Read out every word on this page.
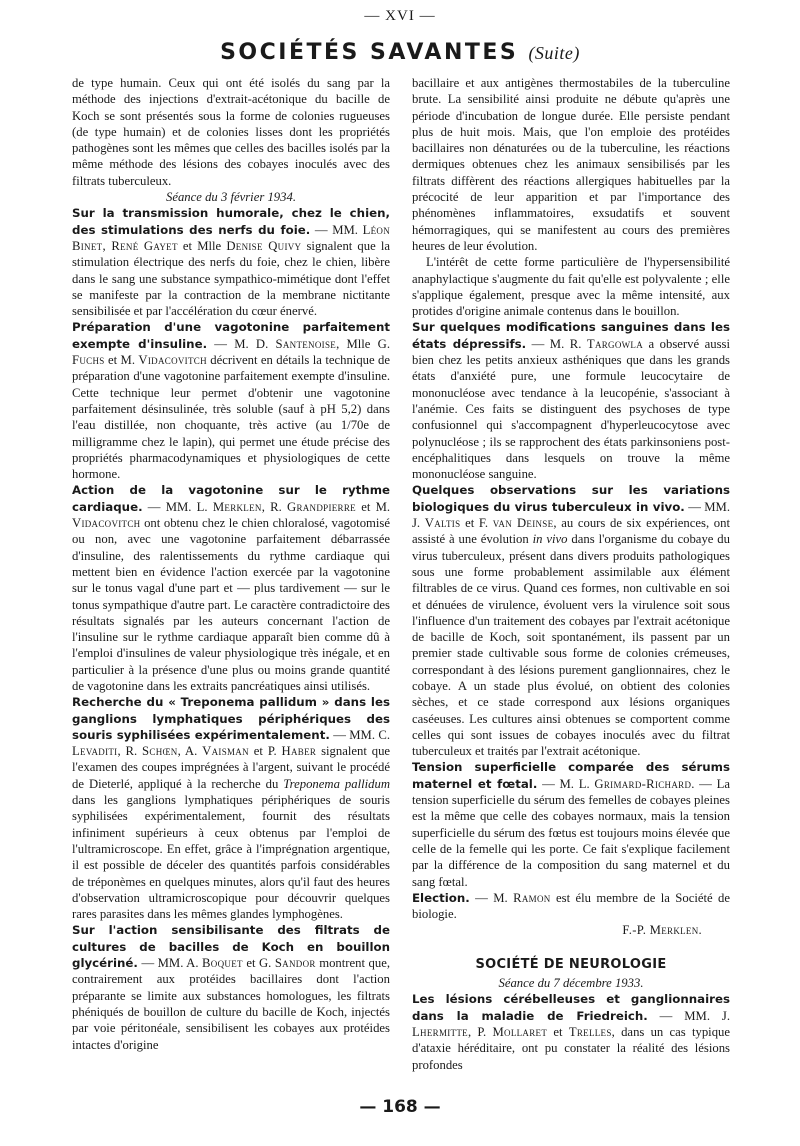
— XVI —
SOCIÉTÉS SAVANTES (Suite)

de type humain. Ceux qui ont été isolés du sang par la méthode des injections d'extrait-acétonique du bacille de Koch se sont présentés sous la forme de colonies rugueuses (de type humain) et de colonies lisses dont les propriétés pathogènes sont les mêmes que celles des bacilles isolés par la même méthode des lésions des cobayes inoculés avec des filtrats tuberculeux.

Séance du 3 février 1934.

Sur la transmission humorale, chez le chien, des stimulations des nerfs du foie. — MM. Léon Binet, René Gayet et Mlle Denise Quivy signalent que la stimulation électrique des nerfs du foie, chez le chien, libère dans le sang une substance sympathico-mimétique dont l'effet se manifeste par la contraction de la membrane nictitante sensibilisée et par l'accélération du cœur énervé.

Préparation d'une vagotonine parfaitement exempte d'insuline. — M. D. Santenoise, Mlle G. Fuchs et M. Vidacovitch décrivent en détails la technique de préparation d'une vagotonine parfaitement exempte d'insuline. Cette technique leur permet d'obtenir une vagotonine parfaitement désinsulinée, très soluble (sauf à pH 5,2) dans l'eau distillée, non choquante, très active (au 1/70e de milligramme chez le lapin), qui permet une étude précise des propriétés pharmacodynamiques et physiologiques de cette hormone.

Action de la vagotonine sur le rythme cardiaque. — MM. L. Merklen, R. Grandpierre et M. Vidacovitch ont obtenu chez le chien chloralosé, vagotomisé ou non, avec une vagotonine parfaitement débarrassée d'insuline, des ralentissements du rythme cardiaque qui mettent bien en évidence l'action exercée par la vagotonine sur le tonus vagal d'une part et — plus tardivement — sur le tonus sympathique d'autre part. Le caractère contradictoire des résultats signalés par les auteurs concernant l'action de l'insuline sur le rythme cardiaque apparaît bien comme dû à l'emploi d'insulines de valeur physiologique très inégale, et en particulier à la présence d'une plus ou moins grande quantité de vagotonine dans les extraits pancréatiques ainsi utilisés.

Recherche du « Treponema pallidum » dans les ganglions lymphatiques périphériques des souris syphilisées expérimentalement. — MM. C. Levaditi, R. Schœn, A. Vaisman et P. Haber signalent que l'examen des coupes imprégnées à l'argent, suivant le procédé de Dieterlé, appliqué à la recherche du Treponema pallidum dans les ganglions lymphatiques périphériques de souris syphilisées expérimentalement, fournit des résultats infiniment supérieurs à ceux obtenus par l'emploi de l'ultramicroscope. En effet, grâce à l'imprégnation argentique, il est possible de déceler des quantités parfois considérables de tréponèmes en quelques minutes, alors qu'il faut des heures d'observation ultramicroscopique pour découvrir quelques rares parasites dans les mêmes glandes lymphogènes.

Sur l'action sensibilisante des filtrats de cultures de bacilles de Koch en bouillon glycériné. — MM. A. Boquet et G. Sandor montrent que, contrairement aux protéides bacillaires dont l'action préparante se limite aux substances homologues, les filtrats phéniqués de bouillon de culture du bacille de Koch, injectés par voie péritonéale, sensibilisent les cobayes aux protéides intactes d'origine

bacillaire et aux antigènes thermostabiles de la tuberculine brute. La sensibilité ainsi produite ne débute qu'après une période d'incubation de longue durée. Elle persiste pendant plus de huit mois. Mais, que l'on emploie des protéides bacillaires non dénaturées ou de la tuberculine, les réactions dermiques obtenues chez les animaux sensibilisés par les filtrats diffèrent des réactions allergiques habituelles par la précocité de leur apparition et par l'importance des phénomènes inflammatoires, exsudatifs et souvent hémorragiques, qui se manifestent au cours des premières heures de leur évolution.

L'intérêt de cette forme particulière de l'hypersensibilité anaphylactique s'augmente du fait qu'elle est polyvalente ; elle s'applique également, presque avec la même intensité, aux protides d'origine animale contenus dans le bouillon.

Sur quelques modifications sanguines dans les états dépressifs. — M. R. Targowla a observé aussi bien chez les petits anxieux asthéniques que dans les grands états d'anxiété pure, une formule leucocytaire de mononucléose avec tendance à la leucopénie, s'associant à l'anémie. Ces faits se distinguent des psychoses de type confusionnel qui s'accompagnent d'hyperleucocytose avec polynucléose ; ils se rapprochent des états parkinsoniens post-encéphalitiques dans lesquels on trouve la même mononucléose sanguine.

Quelques observations sur les variations biologiques du virus tuberculeux in vivo. — MM. J. Valtis et F. van Deinse, au cours de six expériences, ont assisté à une évolution in vivo dans l'organisme du cobaye du virus tuberculeux, présent dans divers produits pathologiques sous une forme probablement assimilable aux élément filtrables de ce virus. Quand ces formes, non cultivable en soi et dénuées de virulence, évoluent vers la virulence soit sous l'influence d'un traitement des cobayes par l'extrait acétonique de bacille de Koch, soit spontanément, ils passent par un premier stade cultivable sous forme de colonies crémeuses, correspondant à des lésions purement ganglionnaires, chez le cobaye. A un stade plus évolué, on obtient des colonies sèches, et ce stade correspond aux lésions organiques caséeuses. Les cultures ainsi obtenues se comportent comme celles qui sont issues de cobayes inoculés avec du filtrat tuberculeux et traités par l'extrait acétonique.

Tension superficielle comparée des sérums maternel et fœtal. — M. L. Grimard-Richard. — La tension superficielle du sérum des femelles de cobayes pleines est la même que celle des cobayes normaux, mais la tension superficielle du sérum des fœtus est toujours moins élevée que celle de la femelle qui les porte. Ce fait s'explique facilement par la différence de la composition du sang maternel et du sang fœtal.

Election. — M. Ramon est élu membre de la Société de biologie.

F.-P. Merklen.

SOCIÉTÉ DE NEUROLOGIE

Séance du 7 décembre 1933.

Les lésions cérébelleuses et ganglionnaires dans la maladie de Friedreich. — MM. J. Lhermitte, P. Mollaret et Trelles, dans un cas typique d'ataxie héréditaire, ont pu constater la réalité des lésions profondes

— 168 —
